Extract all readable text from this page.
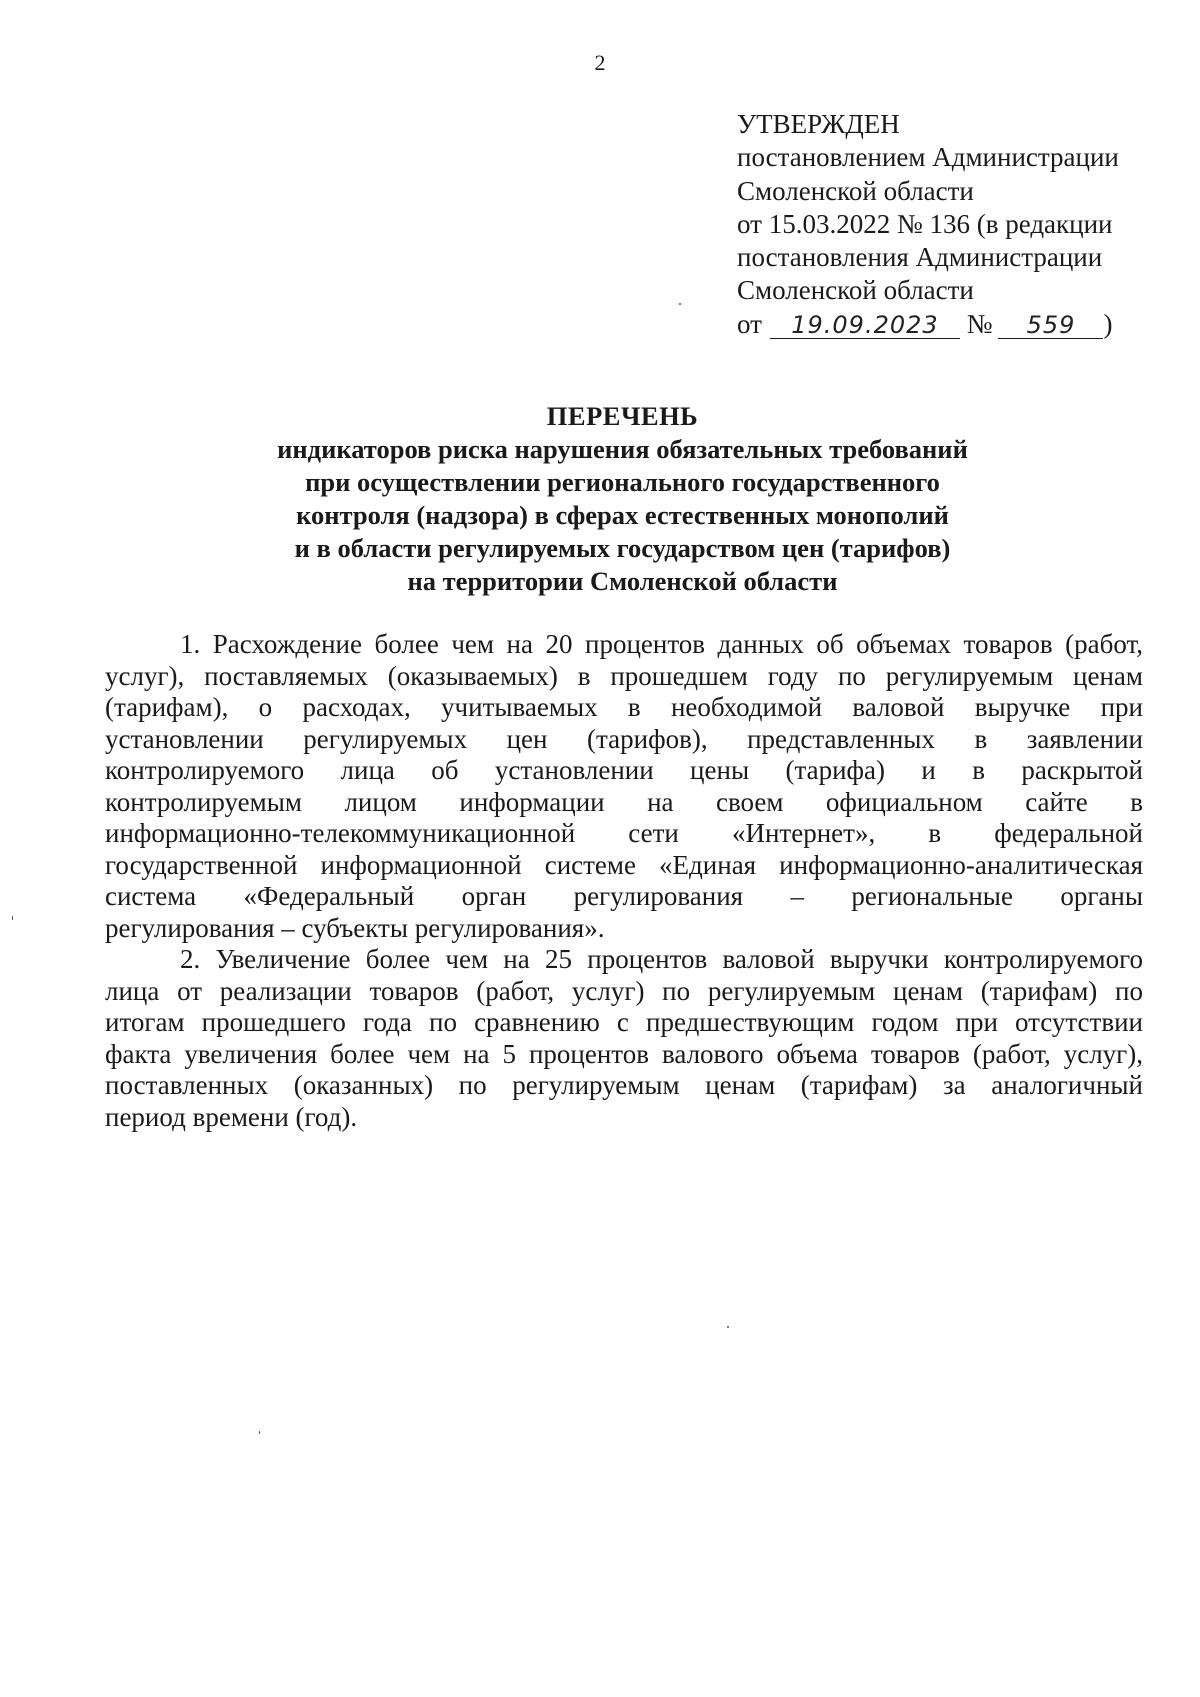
2
УТВЕРЖДЕН
постановлением Администрации
Смоленской области
от 15.03.2022 № 136 (в редакции
постановления Администрации
Смоленской области
от 19.09.2023 № 559 )
ПЕРЕЧЕНЬ
индикаторов риска нарушения обязательных требований
при осуществлении регионального государственного
контроля (надзора) в сферах естественных монополий
и в области регулируемых государством цен (тарифов)
на территории Смоленской области
1. Расхождение более чем на 20 процентов данных об объемах товаров (работ,
услуг), поставляемых (оказываемых) в прошедшем году по регулируемым ценам
(тарифам), о расходах, учитываемых в необходимой валовой выручке при
установлении регулируемых цен (тарифов), представленных в заявлении
контролируемого лица об установлении цены (тарифа) и в раскрытой
контролируемым лицом информации на своем официальном сайте в
информационно-телекоммуникационной сети «Интернет», в федеральной
государственной информационной системе «Единая информационно-аналитическая
система «Федеральный орган регулирования – региональные органы
регулирования – субъекты регулирования».
2. Увеличение более чем на 25 процентов валовой выручки контролируемого
лица от реализации товаров (работ, услуг) по регулируемым ценам (тарифам) по
итогам прошедшего года по сравнению с предшествующим годом при отсутствии
факта увеличения более чем на 5 процентов валового объема товаров (работ, услуг),
поставленных (оказанных) по регулируемым ценам (тарифам) за аналогичный
период времени (год).
